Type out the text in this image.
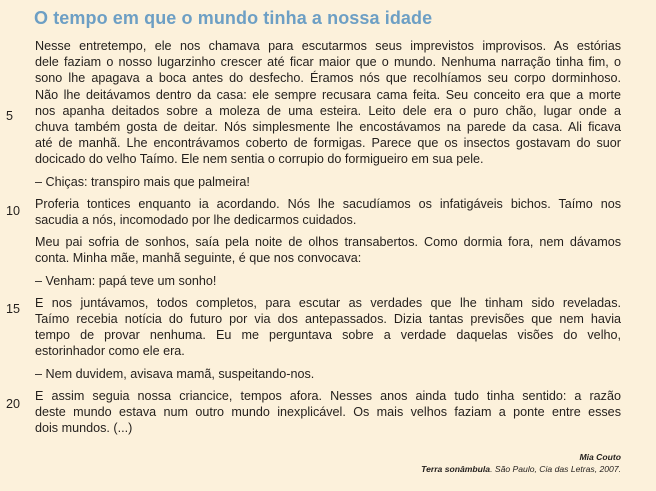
O tempo em que o mundo tinha a nossa idade
5
10
15
20
Nesse entretempo, ele nos chamava para escutarmos seus imprevistos improvisos. As estórias
dele faziam o nosso lugarzinho crescer até ficar maior que o mundo. Nenhuma narração tinha fim, o
sono lhe apagava a boca antes do desfecho. Éramos nós que recolhíamos seu corpo dorminhoso.
Não lhe deitávamos dentro da casa: ele sempre recusara cama feita. Seu conceito era que a morte
nos apanha deitados sobre a moleza de uma esteira. Leito dele era o puro chão, lugar onde a
chuva também gosta de deitar. Nós simplesmente lhe encostávamos na parede da casa. Ali ficava
até de manhã. Lhe encontrávamos coberto de formigas. Parece que os insectos gostavam do suor
docicado do velho Taímo. Ele nem sentia o corrupio do formigueiro em sua pele.
– Chiças: transpiro mais que palmeira!
Proferia tontices enquanto ia acordando. Nós lhe sacudíamos os infatigáveis bichos. Taímo nos
sacudia a nós, incomodado por lhe dedicarmos cuidados.
Meu pai sofria de sonhos, saía pela noite de olhos transabertos. Como dormia fora, nem dávamos
conta. Minha mãe, manhã seguinte, é que nos convocava:
– Venham: papá teve um sonho!
E nos juntávamos, todos completos, para escutar as verdades que lhe tinham sido reveladas.
Taímo recebia notícia do futuro por via dos antepassados. Dizia tantas previsões que nem havia
tempo de provar nenhuma. Eu me perguntava sobre a verdade daquelas visões do velho,
estorinhador como ele era.
– Nem duvidem, avisava mamã, suspeitando-nos.
E assim seguia nossa criancice, tempos afora. Nesses anos ainda tudo tinha sentido: a razão
deste mundo estava num outro mundo inexplicável. Os mais velhos faziam a ponte entre esses
dois mundos. (...)
Mia Couto
Terra sonâmbula. São Paulo, Cia das Letras, 2007.
